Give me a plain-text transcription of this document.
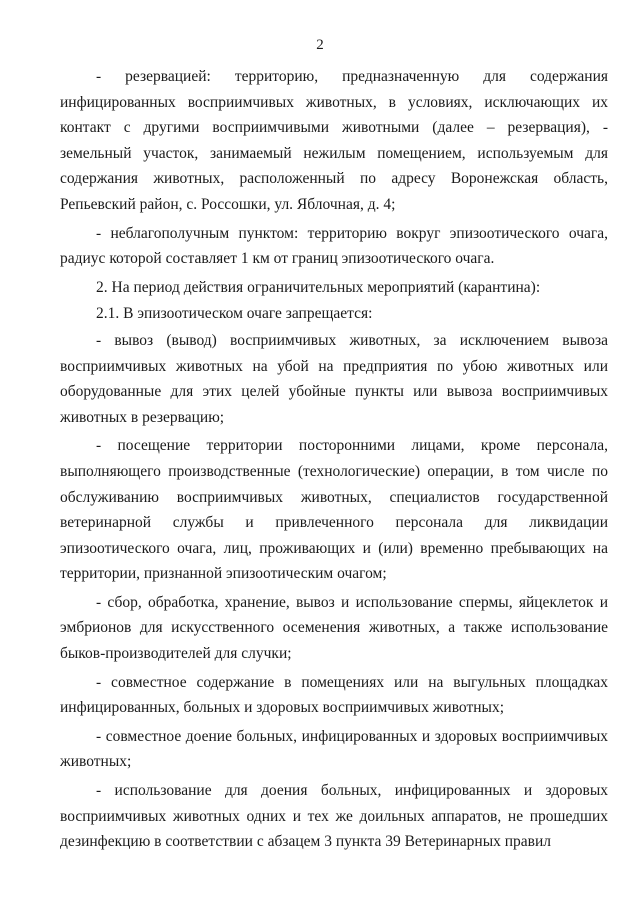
2

- резервацией: территорию, предназначенную для содержания инфицированных восприимчивых животных, в условиях, исключающих их контакт с другими восприимчивыми животными (далее – резервация), - земельный участок, занимаемый нежилым помещением, используемым для содержания животных, расположенный по адресу Воронежская область, Репьевский район, с. Россошки, ул. Яблочная, д. 4;

- неблагополучным пунктом: территорию вокруг эпизоотического очага, радиус которой составляет 1 км от границ эпизоотического очага.

2. На период действия ограничительных мероприятий (карантина):

2.1. В эпизоотическом очаге запрещается:

- вывоз (вывод) восприимчивых животных, за исключением вывоза восприимчивых животных на убой на предприятия по убою животных или оборудованные для этих целей убойные пункты или вывоза восприимчивых животных в резервацию;

- посещение территории посторонними лицами, кроме персонала, выполняющего производственные (технологические) операции, в том числе по обслуживанию восприимчивых животных, специалистов государственной ветеринарной службы и привлеченного персонала для ликвидации эпизоотического очага, лиц, проживающих и (или) временно пребывающих на территории, признанной эпизоотическим очагом;

- сбор, обработка, хранение, вывоз и использование спермы, яйцеклеток и эмбрионов для искусственного осеменения животных, а также использование быков-производителей для случки;

- совместное содержание в помещениях или на выгульных площадках инфицированных, больных и здоровых восприимчивых животных;

- совместное доение больных, инфицированных и здоровых восприимчивых животных;

- использование для доения больных, инфицированных и здоровых восприимчивых животных одних и тех же доильных аппаратов, не прошедших дезинфекцию в соответствии с абзацем 3 пункта 39 Ветеринарных правил
